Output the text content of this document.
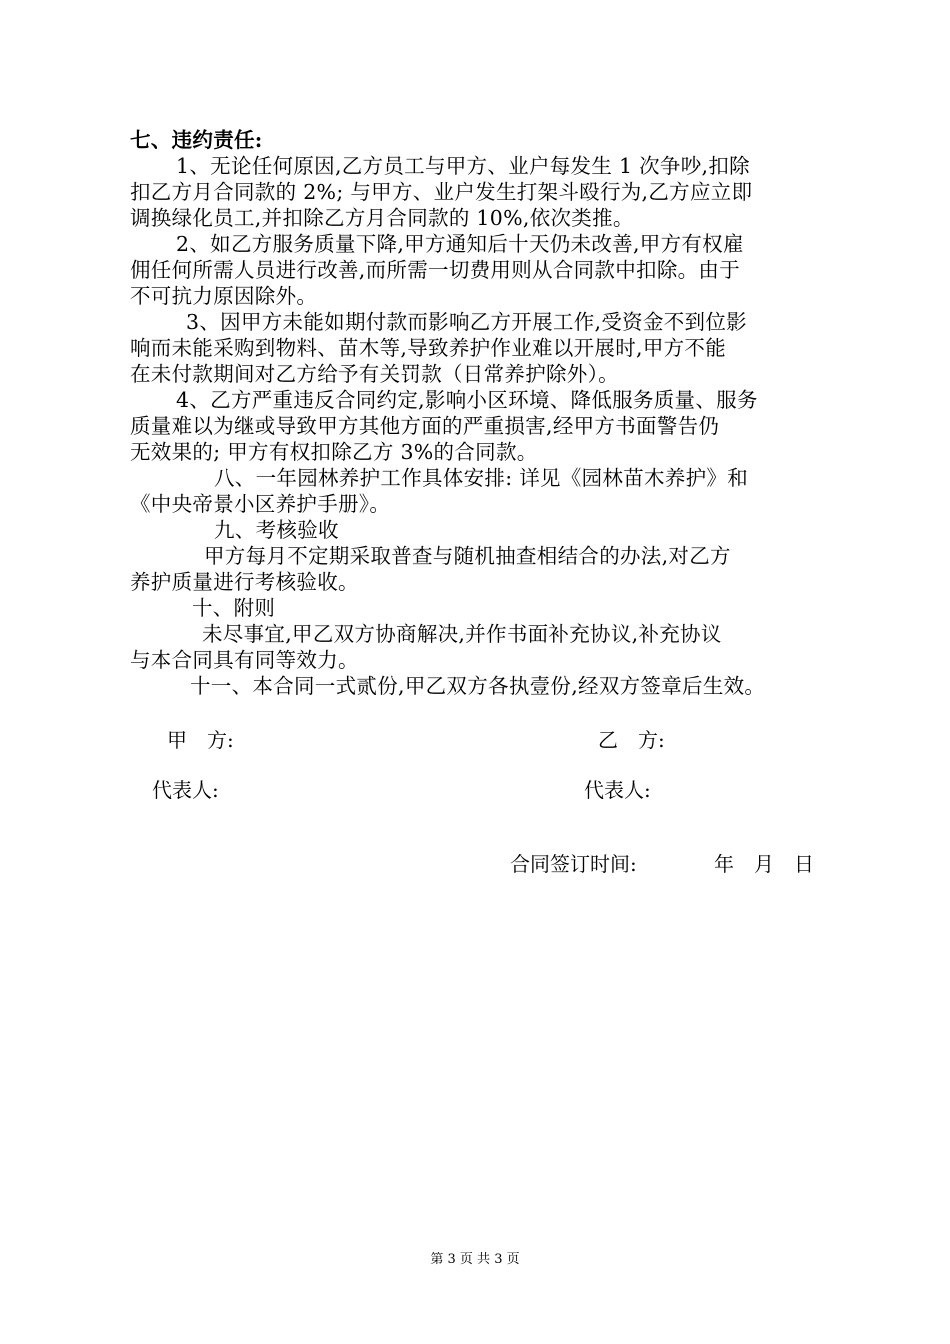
七、违约责任:
1、无论任何原因,乙方员工与甲方、业户每发生 1 次争吵,扣除
扣乙方月合同款的 2%; 与甲方、业户发生打架斗殴行为,乙方应立即
调换绿化员工,并扣除乙方月合同款的 10%,依次类推。
2、如乙方服务质量下降,甲方通知后十天仍未改善,甲方有权雇
佣任何所需人员进行改善,而所需一切费用则从合同款中扣除。由于
不可抗力原因除外。
3、因甲方未能如期付款而影响乙方开展工作,受资金不到位影
响而未能采购到物料、苗木等,导致养护作业难以开展时,甲方不能
在未付款期间对乙方给予有关罚款（日常养护除外）。
4、乙方严重违反合同约定,影响小区环境、降低服务质量、服务
质量难以为继或导致甲方其他方面的严重损害,经甲方书面警告仍
无效果的; 甲方有权扣除乙方 3%的合同款。
八、一年园林养护工作具体安排: 详见《园林苗木养护》和
《中央帝景小区养护手册》。
九、考核验收
甲方每月不定期采取普查与随机抽查相结合的办法,对乙方
养护质量进行考核验收。
十、附则
未尽事宜,甲乙双方协商解决,并作书面补充协议,补充协议
与本合同具有同等效力。
十一、本合同一式贰份,甲乙双方各执壹份,经双方签章后生效。
甲　方:	乙　方:
代表人:	代表人:
合同签订时间:	年　月　日
第 3 页 共 3 页
